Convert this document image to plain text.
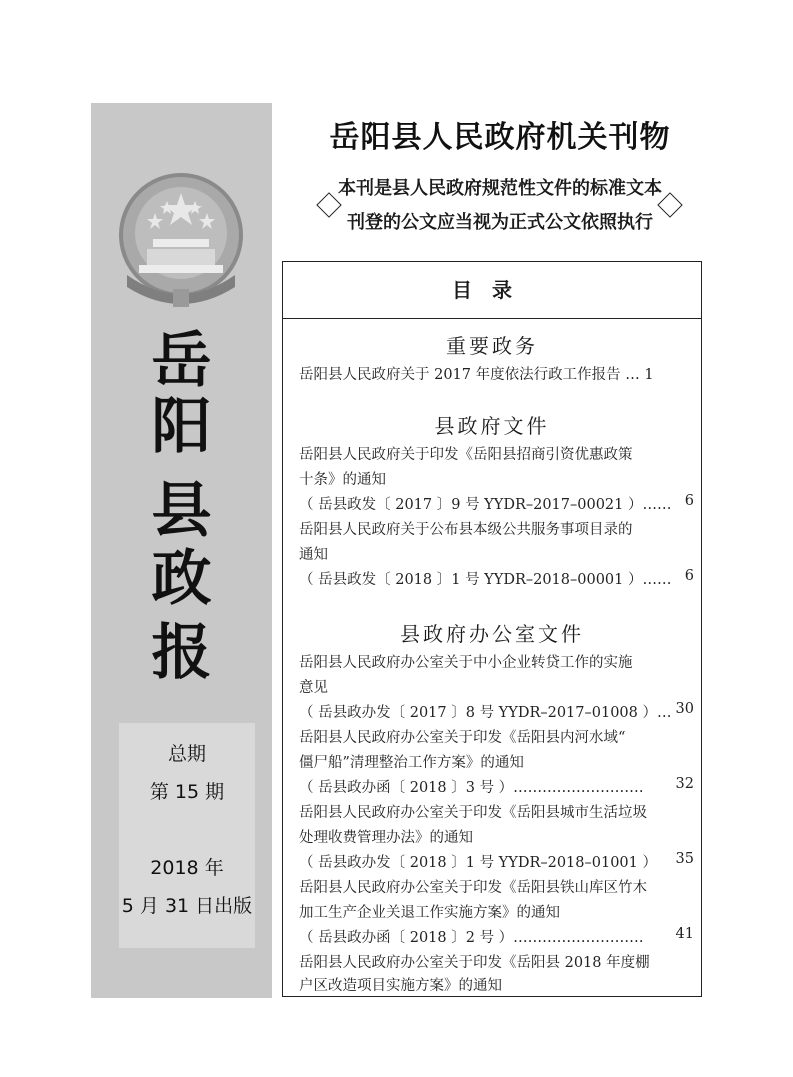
岳
阳
县
政
报
总期
第 15 期
2018 年
5 月 31 日出版
岳阳县人民政府机关刊物
本刊是县人民政府规范性文件的标准文本
刊登的公文应当视为正式公文依照执行
目录
重要政务
岳阳县人民政府关于 2017 年度依法行政工作报告 … 1
县政府文件
岳阳县人民政府关于印发《岳阳县招商引资优惠政策
十条》的通知
（ 岳县政发〔 2017 〕9 号 YYDR–2017–00021 ）…… 6
岳阳县人民政府关于公布县本级公共服务事项目录的
通知
（ 岳县政发〔 2018 〕1 号 YYDR–2018–00001 ）…… 6
县政府办公室文件
岳阳县人民政府办公室关于中小企业转贷工作的实施
意见
（ 岳县政办发〔 2017 〕8 号 YYDR–2017–01008 ）… 30
岳阳县人民政府办公室关于印发《岳阳县内河水域“
僵尸船”清理整治工作方案》的通知
（ 岳县政办函〔 2018 〕3 号 ）……………………… 32
岳阳县人民政府办公室关于印发《岳阳县城市生活垃圾
处理收费管理办法》的通知
（ 岳县政办发〔 2018 〕1 号 YYDR–2018–01001 ） 35
岳阳县人民政府办公室关于印发《岳阳县铁山库区竹木
加工生产企业关退工作实施方案》的通知
（ 岳县政办函〔 2018 〕2 号 ）……………………… 41
岳阳县人民政府办公室关于印发《岳阳县 2018 年度棚
户区改造项目实施方案》的通知
